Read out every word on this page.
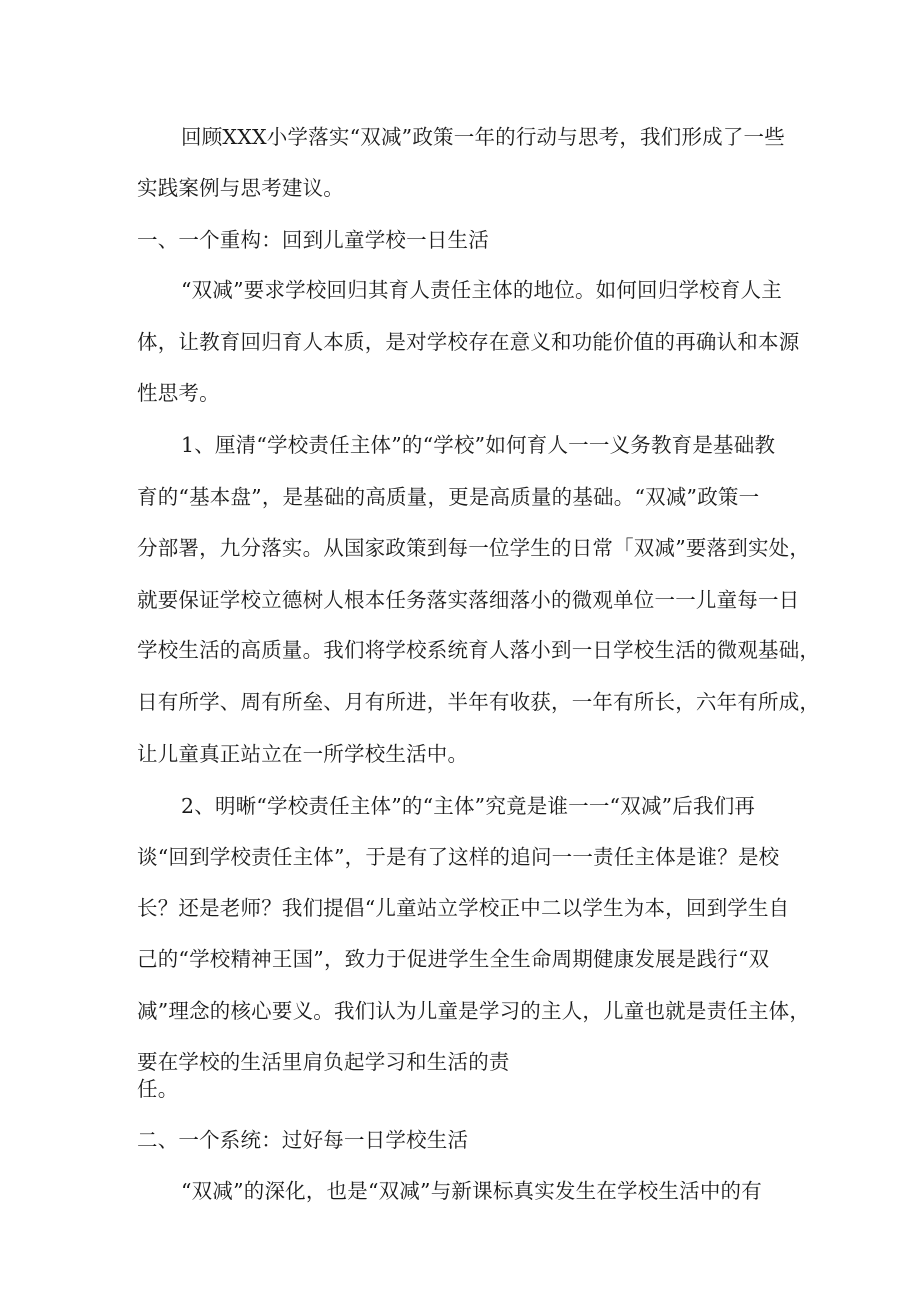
回顾XXX小学落实“双减”政策一年的行动与思考，我们形成了一些
实践案例与思考建议。
一、一个重构：回到儿童学校一日生活
“双减”要求学校回归其育人责任主体的地位。如何回归学校育人主
体，让教育回归育人本质，是对学校存在意义和功能价值的再确认和本源
性思考。
1、厘清“学校责任主体”的“学校”如何育人一一义务教育是基础教
育的“基本盘”，是基础的高质量，更是高质量的基础。“双减”政策一
分部署，九分落实。从国家政策到每一位学生的日常「双减”要落到实处，
就要保证学校立德树人根本任务落实落细落小的微观单位一一儿童每一日
学校生活的高质量。我们将学校系统育人落小到一日学校生活的微观基础，
日有所学、周有所垒、月有所进，半年有收获，一年有所长，六年有所成，
让儿童真正站立在一所学校生活中。
2、明晰“学校责任主体”的“主体”究竟是谁一一“双减”后我们再
谈“回到学校责任主体”，于是有了这样的追问一一责任主体是谁？是校
长？还是老师？我们提倡“儿童站立学校正中二以学生为本，回到学生自
己的“学校精神王国”，致力于促进学生全生命周期健康发展是践行“双
减”理念的核心要义。我们认为儿童是学习的主人，儿童也就是责任主体，
要在学校的生活里肩负起学习和生活的责
任。
二、一个系统：过好每一日学校生活
“双减”的深化，也是“双减”与新课标真实发生在学校生活中的有
